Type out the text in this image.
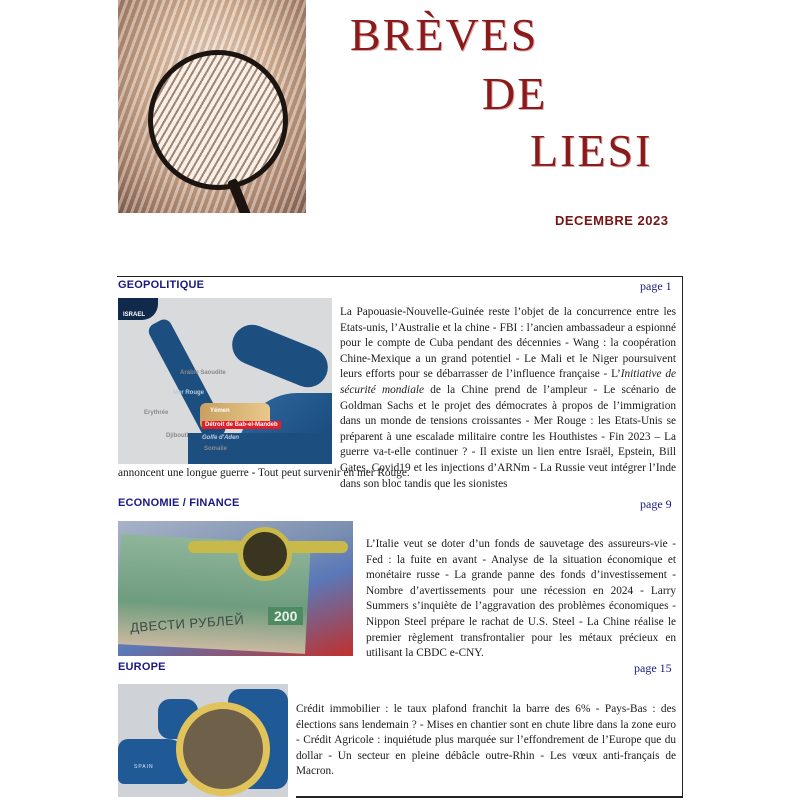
BRÈVES
DE
LIESI
DECEMBRE 2023
GEOPOLITIQUE	page 1
ISRAEL
Arabie Saoudite
Mer Rouge
Erythrée	Yémen
Détroit de Bab-el-Mandeb
Djibouti Golfe d'Aden
Somalie
La Papouasie-Nouvelle-Guinée reste l’objet de la concurrence entre les Etats-unis, l’Australie et la chine - FBI : l’ancien ambassadeur a espionné pour le compte de Cuba pendant des décennies - Wang : la coopération Chine-Mexique a un grand potentiel - Le Mali et le Niger poursuivent leurs efforts pour se débarrasser de l’influence française - L’Initiative de sécurité mondiale de la Chine prend de l’ampleur - Le scénario de Goldman Sachs et le projet des démocrates à propos de l’immigration dans un monde de tensions croissantes - Mer Rouge : les Etats-Unis se préparent à une escalade militaire contre les Houthistes - Fin 2023 – La guerre va-t-elle continuer ? - Il existe un lien entre Israël, Epstein, Bill Gates, Covid19 et les injections d’ARNm - La Russie veut intégrer l’Inde dans son bloc tandis que les sionistes
annoncent une longue guerre - Tout peut survenir en mer Rouge.
ECONOMIE / FINANCE	page 9
ДВЕСТИ РУБЛЕЙ	200
L’Italie veut se doter d’un fonds de sauvetage des assureurs-vie - Fed : la fuite en avant - Analyse de la situation économique et monétaire russe - La grande panne des fonds d’investissement - Nombre d’avertissements pour une récession en 2024 - Larry Summers s’inquiète de l’aggravation des problèmes économiques - Nippon Steel prépare le rachat de U.S. Steel - La Chine réalise le premier règlement transfrontalier pour les métaux précieux en utilisant la CBDC e-CNY.
EUROPE	page 15
SPAIN
Crédit immobilier : le taux plafond franchit la barre des 6% - Pays-Bas : des élections sans lendemain ? - Mises en chantier sont en chute libre dans la zone euro - Crédit Agricole : inquiétude plus marquée sur l’effondrement de l’Europe que du dollar - Un secteur en pleine débâcle outre-Rhin - Les vœux anti-français de Macron.
